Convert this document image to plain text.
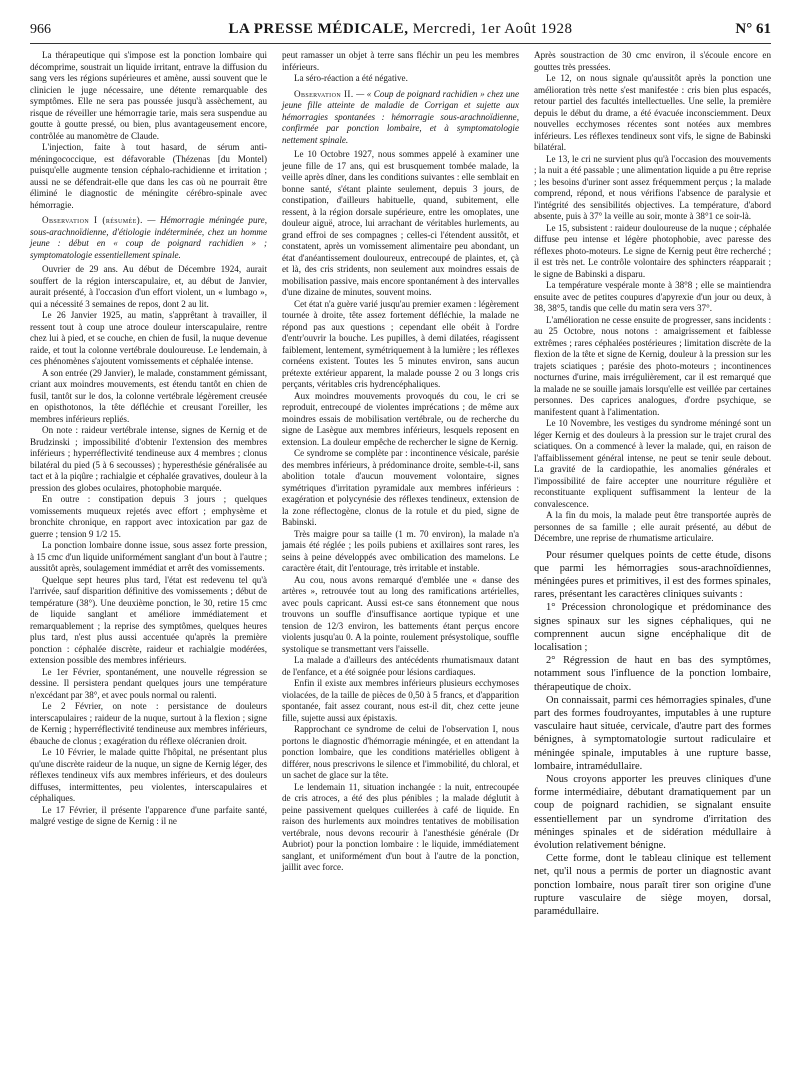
966	LA PRESSE MÉDICALE, Mercredi, 1er Août 1928	N° 61

La thérapeutique qui s'impose est la ponction lombaire qui décomprime, soustrait un liquide irritant, entrave la diffusion du sang vers les régions supérieures et amène, aussi souvent que le clinicien le juge nécessaire, une détente remarquable des symptômes. Elle ne sera pas poussée jusqu'à assèchement, au risque de réveiller une hémorragie tarie, mais sera suspendue au goutte à goutte pressé, ou bien, plus avantageusement encore, contrôlée au manomètre de Claude.

L'injection, faite à tout hasard, de sérum anti-méningococcique, est défavorable (Thézenas [du Montel) puisqu'elle augmente tension céphalo-rachidienne et irritation ; aussi ne se défendrait-elle que dans les cas où ne pourrait être éliminé le diagnostic de méningite cérébro-spinale avec hémorragie.

Observation I (résumée). — Hémorragie méningée pure, sous-arachnoïdienne, d'étiologie indéterminée, chez un homme jeune : début en « coup de poignard rachidien » ; symptomatologie essentiellement spinale.

Ouvrier de 29 ans. Au début de Décembre 1924, aurait souffert de la région interscapulaire, et, au début de Janvier, aurait présenté, à l'occasion d'un effort violent, un « lumbago », qui a nécessité 3 semaines de repos, dont 2 au lit.

Le 26 Janvier 1925, au matin, s'apprêtant à travailler, il ressent tout à coup une atroce douleur interscapulaire, rentre chez lui à pied, et se couche, en chien de fusil, la nuque devenue raide, et tout la colonne vertébrale douloureuse. Le lendemain, à ces phénomènes s'ajoutent vomissements et céphalée intense.

A son entrée (29 Janvier), le malade, constamment gémissant, criant aux moindres mouvements, est étendu tantôt en chien de fusil, tantôt sur le dos, la colonne vertébrale légèrement creusée en opisthotonos, la tête défléchie et creusant l'oreiller, les membres inférieurs repliés.

On note : raideur vertébrale intense, signes de Kernig et de Brudzinski ; impossibilité d'obtenir l'extension des membres inférieurs ; hyperréflectivité tendineuse aux 4 membres ; clonus bilatéral du pied (5 à 6 secousses) ; hyperesthésie généralisée au tact et à la piqûre ; rachialgie et céphalée gravatives, douleur à la pression des globes oculaires, photophobie marquée.

En outre : constipation depuis 3 jours ; quelques vomissements muqueux rejetés avec effort ; emphysème et bronchite chronique, en rapport avec intoxication par gaz de guerre ; tension 9 1/2 15.

La ponction lombaire donne issue, sous assez forte pression, à 15 cmc d'un liquide uniformément sanglant d'un bout à l'autre ; aussitôt après, soulagement immédiat et arrêt des vomissements.

Quelque sept heures plus tard, l'état est redevenu tel qu'à l'arrivée, sauf disparition définitive des vomissements ; début de température (38°). Une deuxième ponction, le 30, retire 15 cmc de liquide sanglant et améliore immédiatement et remarquablement ; la reprise des symptômes, quelques heures plus tard, n'est plus aussi accentuée qu'après la première ponction : céphalée discrète, raideur et rachialgie modérées, extension possible des membres inférieurs.

Le 1er Février, spontanément, une nouvelle régression se dessine. Il persistera pendant quelques jours une température n'excédant par 38°, et avec pouls normal ou ralenti.

Le 2 Février, on note : persistance de douleurs interscapulaires ; raideur de la nuque, surtout à la flexion ; signe de Kernig ; hyperréflectivité tendineuse aux membres inférieurs, ébauche de clonus ; exagération du réflexe olécranien droit.

Le 10 Février, le malade quitte l'hôpital, ne présentant plus qu'une discrète raideur de la nuque, un signe de Kernig léger, des réflexes tendineux vifs aux membres inférieurs, et des douleurs diffuses, intermittentes, peu violentes, interscapulaires et céphaliques.

Le 17 Février, il présente l'apparence d'une parfaite santé, malgré vestige de signe de Kernig : il ne

peut ramasser un objet à terre sans fléchir un peu les membres inférieurs.

La séro-réaction a été négative.

Observation II. — « Coup de poignard rachidien » chez une jeune fille atteinte de maladie de Corrigan et sujette aux hémorragies spontanées : hémorragie sous-arachnoïdienne, confirmée par ponction lombaire, et à symptomatologie nettement spinale.

Le 10 Octobre 1927, nous sommes appelé à examiner une jeune fille de 17 ans, qui est brusquement tombée malade, la veille après dîner, dans les conditions suivantes : elle semblait en bonne santé, s'étant plainte seulement, depuis 3 jours, de constipation, d'ailleurs habituelle, quand, subitement, elle ressent, à la région dorsale supérieure, entre les omoplates, une douleur aiguë, atroce, lui arrachant de véritables hurlements, au grand effroi de ses compagnes ; celles-ci l'étendent aussitôt, et constatent, après un vomissement alimentaire peu abondant, un état d'anéantissement douloureux, entrecoupé de plaintes, et, çà et là, des cris stridents, non seulement aux moindres essais de mobilisation passive, mais encore spontanément à des intervalles d'une dizaine de minutes, souvent moins.

Cet état n'a guère varié jusqu'au premier examen : légèrement tournée à droite, tête assez fortement défléchie, la malade ne répond pas aux questions ; cependant elle obéit à l'ordre d'entr'ouvrir la bouche. Les pupilles, à demi dilatées, réagissent faiblement, lentement, symétriquement à la lumière ; les réflexes cornéens existent. Toutes les 5 minutes environ, sans aucun prétexte extérieur apparent, la malade pousse 2 ou 3 longs cris perçants, véritables cris hydrencéphaliques.

Aux moindres mouvements provoqués du cou, le cri se reproduit, entrecoupé de violentes imprécations ; de même aux moindres essais de mobilisation vertébrale, ou de recherche du signe de Lasègue aux membres inférieurs, lesquels reposent en extension. La douleur empêche de rechercher le signe de Kernig.

Ce syndrome se complète par : incontinence vésicale, parésie des membres inférieurs, à prédominance droite, semble-t-il, sans abolition totale d'aucun mouvement volontaire, signes symétriques d'irritation pyramidale aux membres inférieurs : exagération et polycynésie des réflexes tendineux, extension de la zone réflectogène, clonus de la rotule et du pied, signe de Babinski.

Très maigre pour sa taille (1 m. 70 environ), la malade n'a jamais été réglée ; les poils pubiens et axillaires sont rares, les seins à peine développés avec ombilication des mamelons. Le caractère était, dit l'entourage, très irritable et instable.

Au cou, nous avons remarqué d'emblée une « danse des artères », retrouvée tout au long des ramifications artérielles, avec pouls capricant. Aussi est-ce sans étonnement que nous trouvons un souffle d'insuffisance aortique typique et une tension de 12/3 environ, les battements étant perçus encore violents jusqu'au 0. A la pointe, roulement présystolique, souffle systolique se transmettant vers l'aisselle.

La malade a d'ailleurs des antécédents rhumatismaux datant de l'enfance, et a été soignée pour lésions cardiaques.

Enfin il existe aux membres inférieurs plusieurs ecchymoses violacées, de la taille de pièces de 0,50 à 5 francs, et d'apparition spontanée, fait assez courant, nous est-il dit, chez cette jeune fille, sujette aussi aux épistaxis.

Rapprochant ce syndrome de celui de l'observation I, nous portons le diagnostic d'hémorragie méningée, et en attendant la ponction lombaire, que les conditions matérielles obligent à différer, nous prescrivons le silence et l'immobilité, du chloral, et un sachet de glace sur la tête.

Le lendemain 11, situation inchangée : la nuit, entrecoupée de cris atroces, a été des plus pénibles ; la malade déglutit à peine passivement quelques cuillerées à café de liquide. En raison des hurlements aux moindres tentatives de mobilisation vertébrale, nous devons recourir à l'anesthésie générale (Dr Aubriot) pour la ponction lombaire : le liquide, immédiatement sanglant, et uniformément d'un bout à l'autre de la ponction, jaillit avec force.

Après soustraction de 30 cmc environ, il s'écoule encore en gouttes très pressées.

Le 12, on nous signale qu'aussitôt après la ponction une amélioration très nette s'est manifestée : cris bien plus espacés, retour partiel des facultés intellectuelles. Une selle, la première depuis le début du drame, a été évacuée inconsciemment. Deux nouvelles ecchymoses récentes sont notées aux membres inférieurs. Les réflexes tendineux sont vifs, le signe de Babinski bilatéral.

Le 13, le cri ne survient plus qu'à l'occasion des mouvements ; la nuit a été passable ; une alimentation liquide a pu être reprise ; les besoins d'uriner sont assez fréquemment perçus ; la malade comprend, répond, et nous vérifions l'absence de paralysie et l'intégrité des sensibilités objectives. La température, d'abord absente, puis à 37° la veille au soir, monte à 38°1 ce soir-là.

Le 15, subsistent : raideur douloureuse de la nuque ; céphalée diffuse peu intense et légère photophobie, avec paresse des réflexes photo-moteurs. Le signe de Kernig peut être recherché ; il est très net. Le contrôle volontaire des sphincters réapparait ; le signe de Babinski a disparu.

La température vespérale monte à 38°8 ; elle se maintiendra ensuite avec de petites coupures d'apyrexie d'un jour ou deux, à 38, 38°5, tandis que celle du matin sera vers 37°.

L'amélioration ne cesse ensuite de progresser, sans incidents : au 25 Octobre, nous notons : amaigrissement et faiblesse extrêmes ; rares céphalées postérieures ; limitation discrète de la flexion de la tête et signe de Kernig, douleur à la pression sur les trajets sciatiques ; parésie des photo-moteurs ; incontinences nocturnes d'urine, mais irrégulièrement, car il est remarqué que la malade ne se souille jamais lorsqu'elle est veillée par certaines personnes. Des caprices analogues, d'ordre psychique, se manifestent quant à l'alimentation.

Le 10 Novembre, les vestiges du syndrome méningé sont un léger Kernig et des douleurs à la pression sur le trajet crural des sciatiques. On a commencé à lever la malade, qui, en raison de l'affaiblissement général intense, ne peut se tenir seule debout. La gravité de la cardiopathie, les anomalies générales et l'impossibilité de faire accepter une nourriture régulière et reconstituante expliquent suffisamment la lenteur de la convalescence.

A la fin du mois, la malade peut être transportée auprès de personnes de sa famille ; elle aurait présenté, au début de Décembre, une reprise de rhumatisme articulaire.

Pour résumer quelques points de cette étude, disons que parmi les hémorragies sous-arachnoïdiennes, méningées pures et primitives, il est des formes spinales, rares, présentant les caractères cliniques suivants :

1° Précession chronologique et prédominance des signes spinaux sur les signes céphaliques, qui ne comprennent aucun signe encéphalique dit de localisation ;

2° Régression de haut en bas des symptômes, notamment sous l'influence de la ponction lombaire, thérapeutique de choix.

On connaissait, parmi ces hémorragies spinales, d'une part des formes foudroyantes, imputables à une rupture vasculaire haut située, cervicale, d'autre part des formes bénignes, à symptomatologie surtout radiculaire et méningée spinale, imputables à une rupture basse, lombaire, intramédullaire.

Nous croyons apporter les preuves cliniques d'une forme intermédiaire, débutant dramatiquement par un coup de poignard rachidien, se signalant ensuite essentiellement par un syndrome d'irritation des méninges spinales et de sidération médullaire à évolution relativement bénigne.

Cette forme, dont le tableau clinique est tellement net, qu'il nous a permis de porter un diagnostic avant ponction lombaire, nous paraît tirer son origine d'une rupture vasculaire de siège moyen, dorsal, paramédullaire.
